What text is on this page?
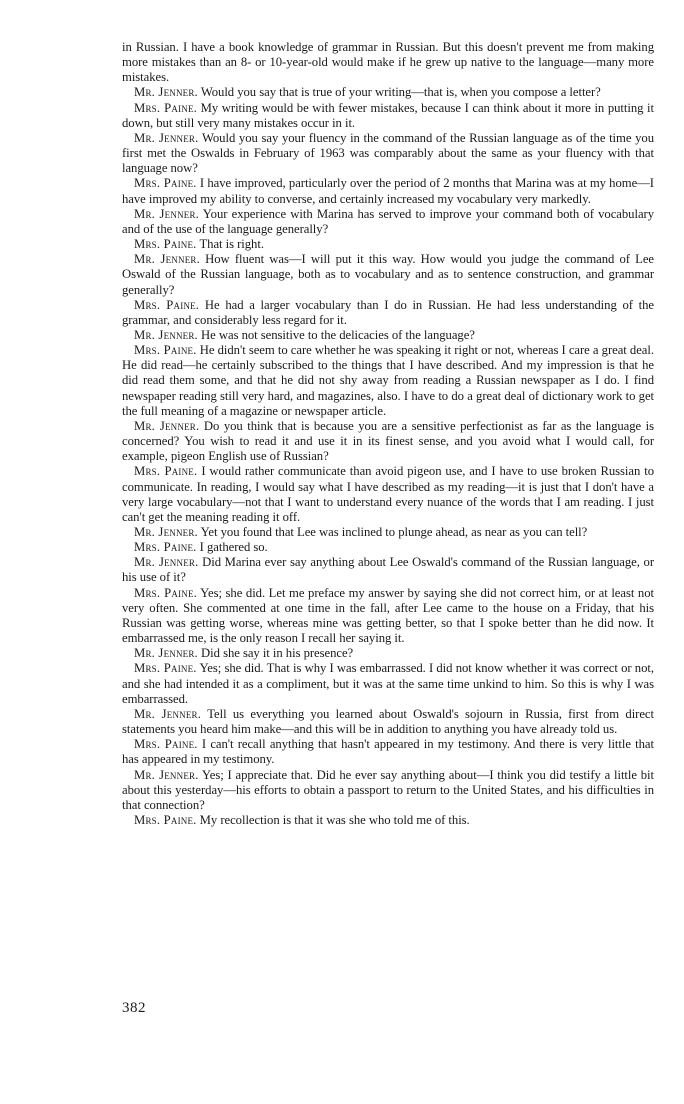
in Russian. I have a book knowledge of grammar in Russian. But this doesn't prevent me from making more mistakes than an 8- or 10-year-old would make if he grew up native to the language—many more mistakes.

Mr. Jenner. Would you say that is true of your writing—that is, when you compose a letter?

Mrs. Paine. My writing would be with fewer mistakes, because I can think about it more in putting it down, but still very many mistakes occur in it.

Mr. Jenner. Would you say your fluency in the command of the Russian language as of the time you first met the Oswalds in February of 1963 was comparably about the same as your fluency with that language now?

Mrs. Paine. I have improved, particularly over the period of 2 months that Marina was at my home—I have improved my ability to converse, and certainly increased my vocabulary very markedly.

Mr. Jenner. Your experience with Marina has served to improve your command both of vocabulary and of the use of the language generally?

Mrs. Paine. That is right.

Mr. Jenner. How fluent was—I will put it this way. How would you judge the command of Lee Oswald of the Russian language, both as to vocabulary and as to sentence construction, and grammar generally?

Mrs. Paine. He had a larger vocabulary than I do in Russian. He had less understanding of the grammar, and considerably less regard for it.

Mr. Jenner. He was not sensitive to the delicacies of the language?

Mrs. Paine. He didn't seem to care whether he was speaking it right or not, whereas I care a great deal. He did read—he certainly subscribed to the things that I have described. And my impression is that he did read them some, and that he did not shy away from reading a Russian newspaper as I do. I find newspaper reading still very hard, and magazines, also. I have to do a great deal of dictionary work to get the full meaning of a magazine or newspaper article.

Mr. Jenner. Do you think that is because you are a sensitive perfectionist as far as the language is concerned? You wish to read it and use it in its finest sense, and you avoid what I would call, for example, pigeon English use of Russian?

Mrs. Paine. I would rather communicate than avoid pigeon use, and I have to use broken Russian to communicate. In reading, I would say what I have described as my reading—it is just that I don't have a very large vocabulary—not that I want to understand every nuance of the words that I am reading. I just can't get the meaning reading it off.

Mr. Jenner. Yet you found that Lee was inclined to plunge ahead, as near as you can tell?

Mrs. Paine. I gathered so.

Mr. Jenner. Did Marina ever say anything about Lee Oswald's command of the Russian language, or his use of it?

Mrs. Paine. Yes; she did. Let me preface my answer by saying she did not correct him, or at least not very often. She commented at one time in the fall, after Lee came to the house on a Friday, that his Russian was getting worse, whereas mine was getting better, so that I spoke better than he did now. It embarrassed me, is the only reason I recall her saying it.

Mr. Jenner. Did she say it in his presence?

Mrs. Paine. Yes; she did. That is why I was embarrassed. I did not know whether it was correct or not, and she had intended it as a compliment, but it was at the same time unkind to him. So this is why I was embarrassed.

Mr. Jenner. Tell us everything you learned about Oswald's sojourn in Russia, first from direct statements you heard him make—and this will be in addition to anything you have already told us.

Mrs. Paine. I can't recall anything that hasn't appeared in my testimony. And there is very little that has appeared in my testimony.

Mr. Jenner. Yes; I appreciate that. Did he ever say anything about—I think you did testify a little bit about this yesterday—his efforts to obtain a passport to return to the United States, and his difficulties in that connection?

Mrs. Paine. My recollection is that it was she who told me of this.

382
